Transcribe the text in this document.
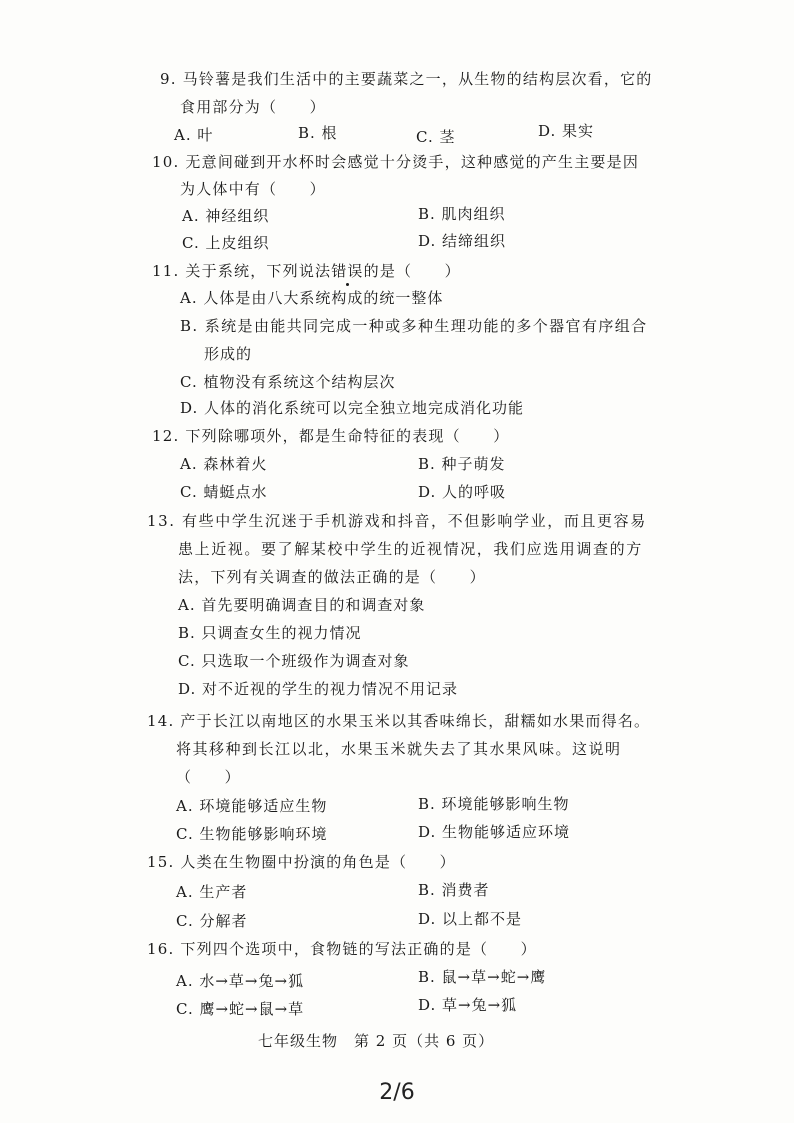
9. 马铃薯是我们生活中的主要蔬菜之一，从生物的结构层次看，它的
食用部分为（　　）
A. 叶	B. 根	C. 茎	D. 果实
10. 无意间碰到开水杯时会感觉十分烫手，这种感觉的产生主要是因
为人体中有（　　）
A. 神经组织	B. 肌肉组织
C. 上皮组织	D. 结缔组织
11. 关于系统，下列说法错误的是（　　）
A. 人体是由八大系统构成的统一整体
B. 系统是由能共同完成一种或多种生理功能的多个器官有序组合
形成的
C. 植物没有系统这个结构层次
D. 人体的消化系统可以完全独立地完成消化功能
12. 下列除哪项外，都是生命特征的表现（　　）
A. 森林着火	B. 种子萌发
C. 蜻蜓点水	D. 人的呼吸
13. 有些中学生沉迷于手机游戏和抖音，不但影响学业，而且更容易
患上近视。要了解某校中学生的近视情况，我们应选用调查的方
法，下列有关调查的做法正确的是（　　）
A. 首先要明确调查目的和调查对象
B. 只调查女生的视力情况
C. 只选取一个班级作为调查对象
D. 对不近视的学生的视力情况不用记录
14. 产于长江以南地区的水果玉米以其香味绵长，甜糯如水果而得名。
将其移种到长江以北，水果玉米就失去了其水果风味。这说明
（　　）
A. 环境能够适应生物	B. 环境能够影响生物
C. 生物能够影响环境	D. 生物能够适应环境
15. 人类在生物圈中扮演的角色是（　　）
A. 生产者	B. 消费者
C. 分解者	D. 以上都不是
16. 下列四个选项中，食物链的写法正确的是（　　）
A. 水→草→兔→狐	B. 鼠→草→蛇→鹰
C. 鹰→蛇→鼠→草	D. 草→兔→狐
七年级生物　第 2 页（共 6 页）
2/6
